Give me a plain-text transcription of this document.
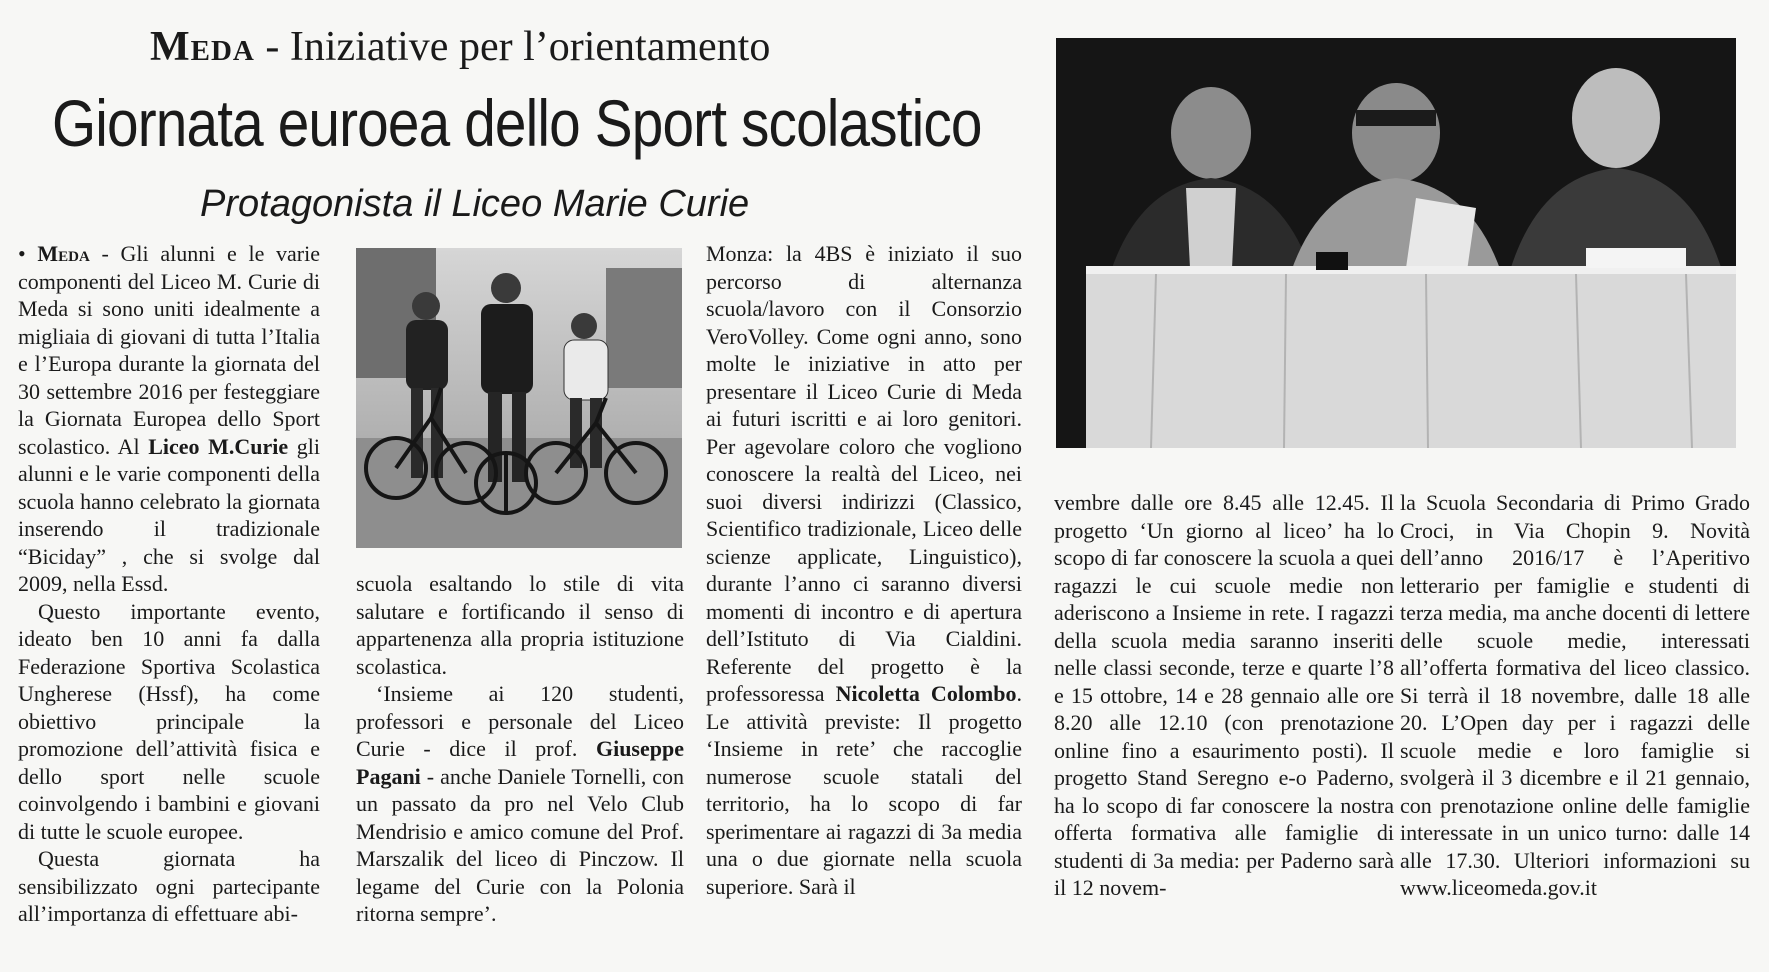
Meda - Iniziative per l’orientamento
Giornata euroea dello Sport scolastico
Protagonista il Liceo Marie Curie

• Meda - Gli alunni e le varie componenti del Liceo M. Curie di Meda si sono uniti idealmente a migliaia di giovani di tutta l’Italia e l’Europa durante la giornata del 30 settembre 2016 per festeggiare la Giornata Europea dello Sport scolastico. Al Liceo M.Curie gli alunni e le varie componenti della scuola hanno celebrato la giornata inserendo il tradizionale “Biciday” , che si svolge dal 2009, nella Essd.

Questo importante evento, ideato ben 10 anni fa dalla Federazione Sportiva Scolastica Ungherese (Hssf), ha come obiettivo principale la promozione dell’attività fisica e dello sport nelle scuole coinvolgendo i bambini e giovani di tutte le scuole europee.

Questa giornata ha sensibilizzato ogni partecipante all’importanza di effettuare abi-

scuola esaltando lo stile di vita salutare e fortificando il senso di appartenenza alla propria istituzione scolastica.

‘Insieme ai 120 studenti, professori e personale del Liceo Curie - dice il prof. Giuseppe Pagani - anche Daniele Tornelli, con un passato da pro nel Velo Club Mendrisio e amico comune del Prof. Marszalik del liceo di Pinczow. Il legame del Curie con la Polonia ritorna sempre’.

Monza: la 4BS è iniziato il suo percorso di alternanza scuola/lavoro con il Consorzio VeroVolley. Come ogni anno, sono molte le iniziative in atto per presentare il Liceo Curie di Meda ai futuri iscritti e ai loro genitori. Per agevolare coloro che vogliono conoscere la realtà del Liceo, nei suoi diversi indirizzi (Classico, Scientifico tradizionale, Liceo delle scienze applicate, Linguistico), durante l’anno ci saranno diversi momenti di incontro e di apertura dell’Istituto di Via Cialdini. Referente del progetto è la professoressa Nicoletta Colombo. Le attività previste: Il progetto ‘Insieme in rete’ che raccoglie numerose scuole statali del territorio, ha lo scopo di far sperimentare ai ragazzi di 3a media una o due giornate nella scuola superiore. Sarà il

vembre dalle ore 8.45 alle 12.45. Il progetto ‘Un giorno al liceo’ ha lo scopo di far conoscere la scuola a quei ragazzi le cui scuole medie non aderiscono a Insieme in rete. I ragazzi della scuola media saranno inseriti nelle classi seconde, terze e quarte l’8 e 15 ottobre, 14 e 28 gennaio alle ore 8.20 alle 12.10 (con prenotazione online fino a esaurimento posti). Il progetto Stand Seregno e-o Paderno, ha lo scopo di far conoscere la nostra offerta formativa alle famiglie di studenti di 3a media: per Paderno sarà il 12 novem-

la Scuola Secondaria di Primo Grado Croci, in Via Chopin 9. Novità dell’anno 2016/17 è l’Aperitivo letterario per famiglie e studenti di terza media, ma anche docenti di lettere delle scuole medie, interessati all’offerta formativa del liceo classico. Si terrà il 18 novembre, dalle 18 alle 20. L’Open day per i ragazzi delle scuole medie e loro famiglie si svolgerà il 3 dicembre e il 21 gennaio, con prenotazione online delle famiglie interessate in un unico turno: dalle 14 alle 17.30. Ulteriori informazioni su www.liceomeda.gov.it
